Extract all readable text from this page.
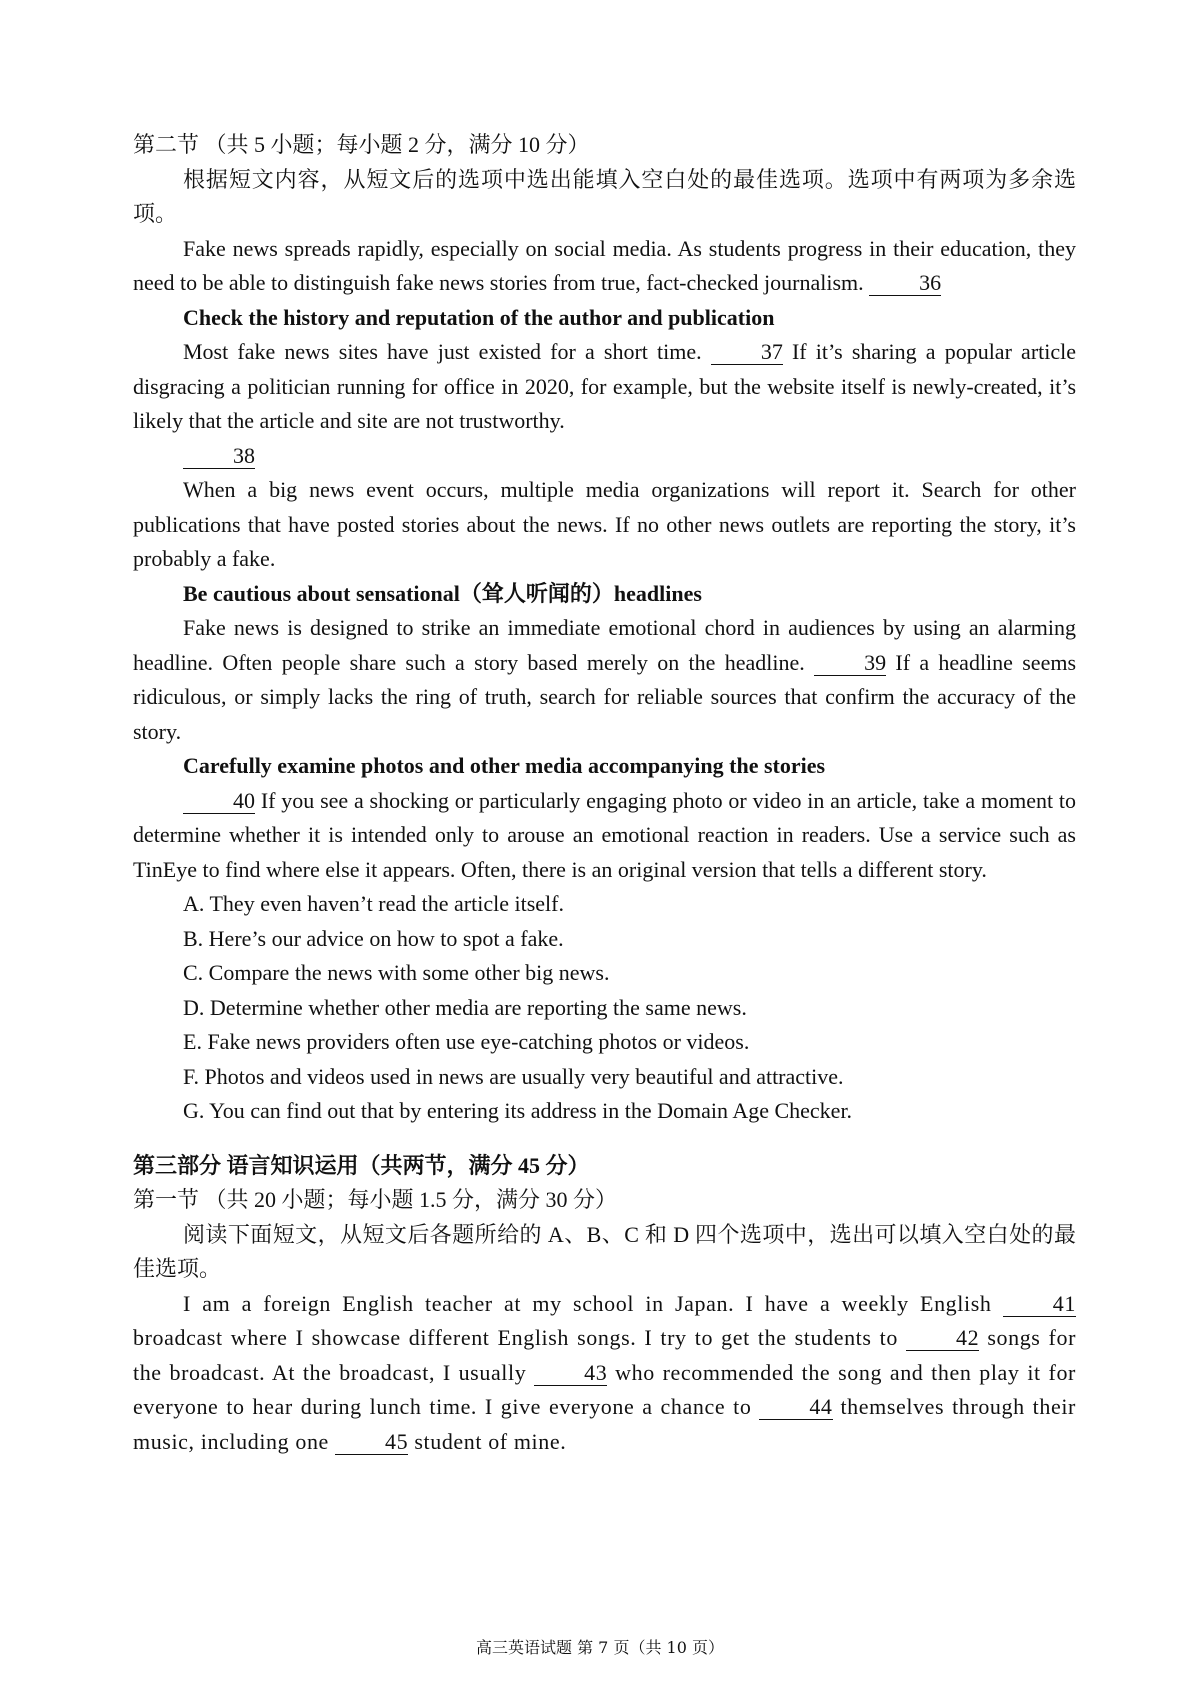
第二节 （共 5 小题；每小题 2 分，满分 10 分）

根据短文内容，从短文后的选项中选出能填入空白处的最佳选项。选项中有两项为多余选项。

Fake news spreads rapidly, especially on social media. As students progress in their education, they need to be able to distinguish fake news stories from true, fact-checked journalism.	36

Check the history and reputation of the author and publication

Most fake news sites have just existed for a short time.	37 If it’s sharing a popular article disgracing a politician running for office in 2020, for example, but the website itself is newly-created, it’s likely that the article and site are not trustworthy.

38

When a big news event occurs, multiple media organizations will report it. Search for other publications that have posted stories about the news. If no other news outlets are reporting the story, it’s probably a fake.

Be cautious about sensational（耸人听闻的）headlines

Fake news is designed to strike an immediate emotional chord in audiences by using an alarming headline. Often people share such a story based merely on the headline.	39 If a headline seems ridiculous, or simply lacks the ring of truth, search for reliable sources that confirm the accuracy of the story.

Carefully examine photos and other media accompanying the stories

40 If you see a shocking or particularly engaging photo or video in an article, take a moment to determine whether it is intended only to arouse an emotional reaction in readers. Use a service such as TinEye to find where else it appears. Often, there is an original version that tells a different story.

A. They even haven’t read the article itself.

B. Here’s our advice on how to spot a fake.

C. Compare the news with some other big news.

D. Determine whether other media are reporting the same news.

E. Fake news providers often use eye-catching photos or videos.

F. Photos and videos used in news are usually very beautiful and attractive.

G. You can find out that by entering its address in the Domain Age Checker.

第三部分 语言知识运用（共两节，满分 45 分）

第一节 （共 20 小题；每小题 1.5 分，满分 30 分）

阅读下面短文，从短文后各题所给的 A、B、C 和 D 四个选项中，选出可以填入空白处的最佳选项。

I am a foreign English teacher at my school in Japan. I have a weekly English	41 broadcast where I showcase different English songs. I try to get the students to	42 songs for the broadcast. At the broadcast, I usually	43 who recommended the song and then play it for everyone to hear during lunch time. I give everyone a chance to	44 themselves through their music, including one	45 student of mine.

高三英语试题 第 7 页（共 10 页）
